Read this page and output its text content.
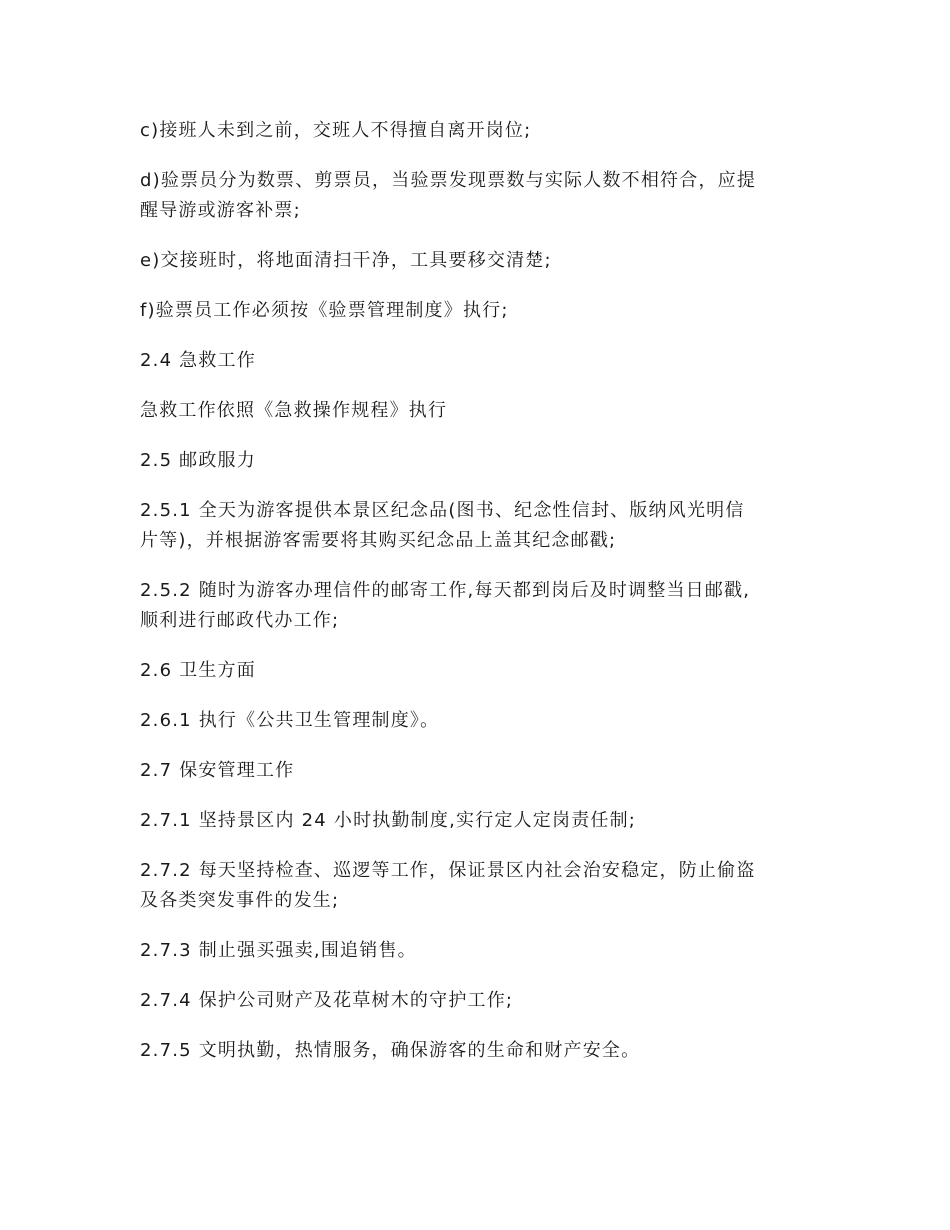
c)接班人未到之前，交班人不得擅自离开岗位;

d)验票员分为数票、剪票员，当验票发现票数与实际人数不相符合，应提
醒导游或游客补票;

e)交接班时，将地面清扫干净，工具要移交清楚;

f)验票员工作必须按《验票管理制度》执行;

2.4 急救工作

急救工作依照《急救操作规程》执行

2.5 邮政服力

2.5.1 全天为游客提供本景区纪念品(图书、纪念性信封、版纳风光明信
片等)，并根据游客需要将其购买纪念品上盖其纪念邮戳;

2.5.2 随时为游客办理信件的邮寄工作,每天都到岗后及时调整当日邮戳,
顺利进行邮政代办工作;

2.6 卫生方面

2.6.1 执行《公共卫生管理制度》。

2.7 保安管理工作

2.7.1 坚持景区内 24 小时执勤制度,实行定人定岗责任制;

2.7.2 每天坚持检查、巡逻等工作，保证景区内社会治安稳定，防止偷盗
及各类突发事件的发生;

2.7.3 制止强买强卖,围追销售。

2.7.4 保护公司财产及花草树木的守护工作;

2.7.5 文明执勤，热情服务，确保游客的生命和财产安全。
